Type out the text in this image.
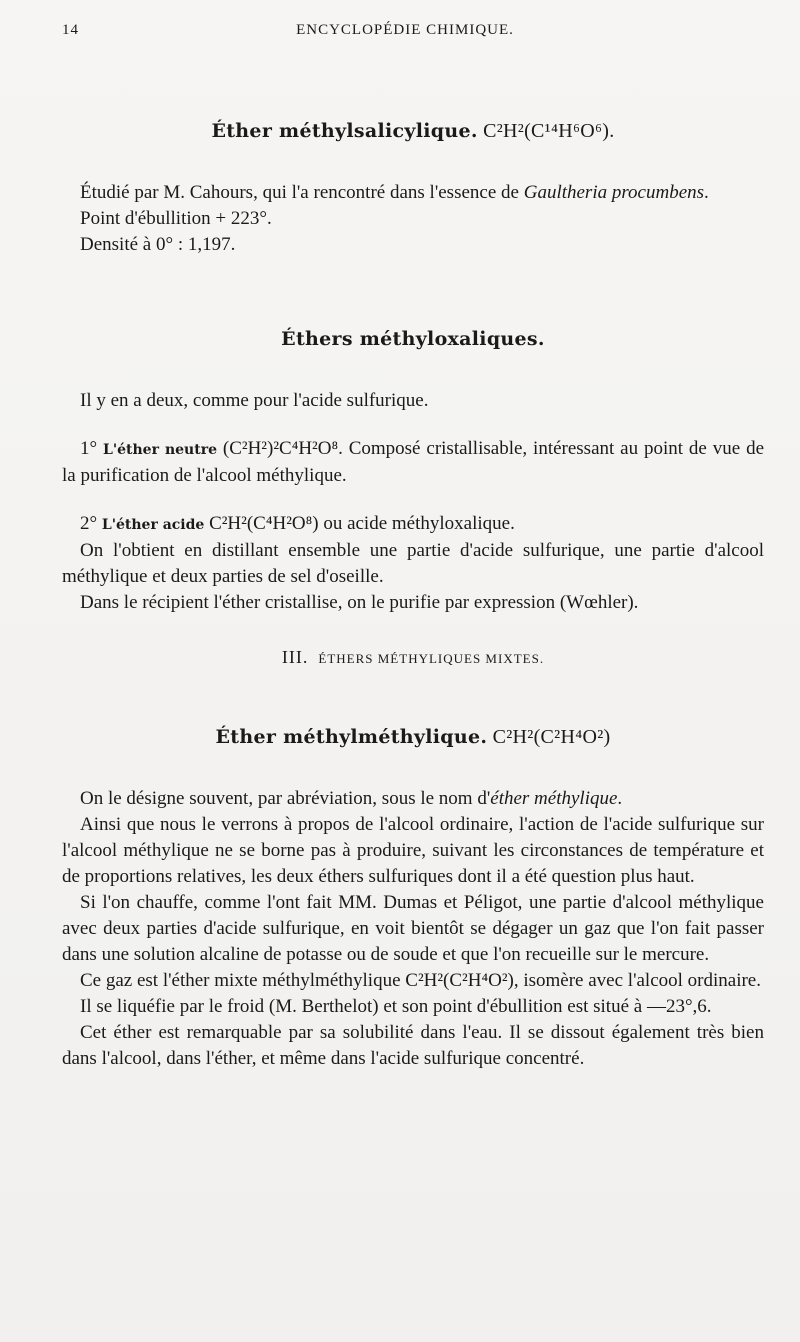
14	ENCYCLOPÉDIE CHIMIQUE.
Éther méthylsalicylique. C²H²(C¹⁴H⁶O⁶).

Étudié par M. Cahours, qui l'a rencontré dans l'essence de Gaultheria procumbens.

Point d'ébullition + 223°.

Densité à 0° : 1,197.

Éthers méthyloxaliques.

Il y en a deux, comme pour l'acide sulfurique.

1° L'éther neutre (C²H²)²C⁴H²O⁸. Composé cristallisable, intéressant au point de vue de la purification de l'alcool méthylique.

2° L'éther acide C²H²(C⁴H²O⁸) ou acide méthyloxalique.

On l'obtient en distillant ensemble une partie d'acide sulfurique, une partie d'alcool méthylique et deux parties de sel d'oseille.

Dans le récipient l'éther cristallise, on le purifie par expression (Wœhler).

III. ÉTHERS MÉTHYLIQUES MIXTES.
Éther méthylméthylique. C²H²(C²H⁴O²)

On le désigne souvent, par abréviation, sous le nom d'éther méthylique.

Ainsi que nous le verrons à propos de l'alcool ordinaire, l'action de l'acide sulfurique sur l'alcool méthylique ne se borne pas à produire, suivant les circonstances de température et de proportions relatives, les deux éthers sulfuriques dont il a été question plus haut.

Si l'on chauffe, comme l'ont fait MM. Dumas et Péligot, une partie d'alcool méthylique avec deux parties d'acide sulfurique, en voit bientôt se dégager un gaz que l'on fait passer dans une solution alcaline de potasse ou de soude et que l'on recueille sur le mercure.

Ce gaz est l'éther mixte méthylméthylique C²H²(C²H⁴O²), isomère avec l'alcool ordinaire.

Il se liquéfie par le froid (M. Berthelot) et son point d'ébullition est situé à —23°,6.

Cet éther est remarquable par sa solubilité dans l'eau. Il se dissout également très bien dans l'alcool, dans l'éther, et même dans l'acide sulfurique concentré.
